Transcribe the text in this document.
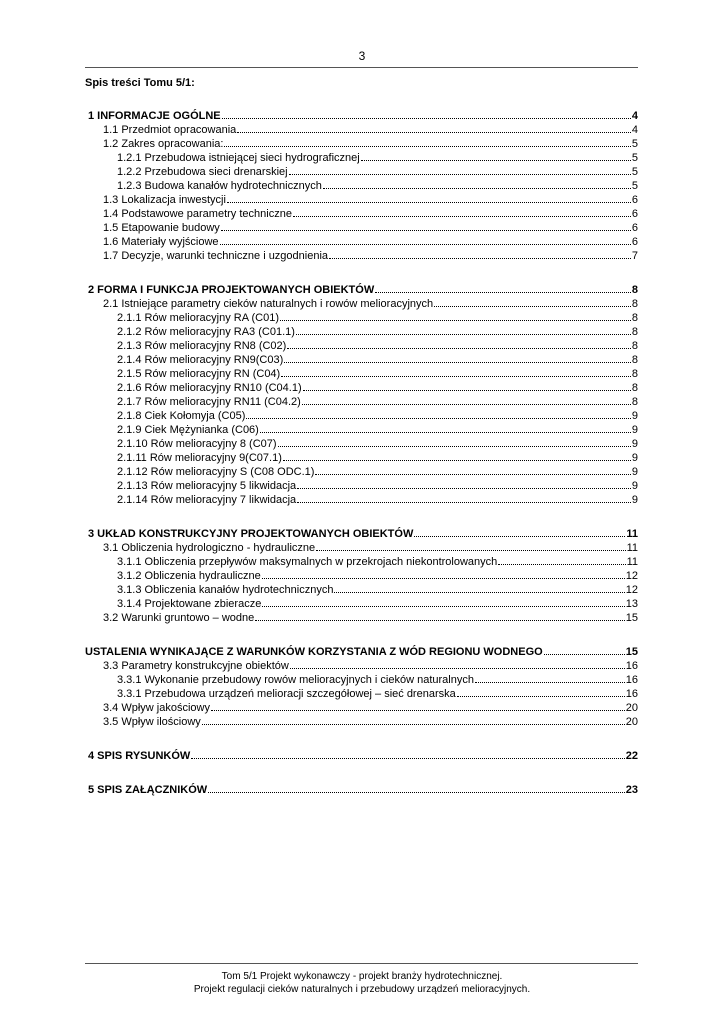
3
Spis treści Tomu 5/1:
1 INFORMACJE OGÓLNE	4
1.1 Przedmiot opracowania	4
1.2 Zakres opracowania:	5
1.2.1 Przebudowa istniejącej sieci hydrograficznej	5
1.2.2 Przebudowa sieci drenarskiej	5
1.2.3 Budowa kanałów hydrotechnicznych	5
1.3 Lokalizacja inwestycji	6
1.4 Podstawowe parametry techniczne	6
1.5 Etapowanie budowy	6
1.6 Materiały wyjściowe	6
1.7 Decyzje, warunki techniczne i uzgodnienia	7
2 FORMA I FUNKCJA PROJEKTOWANYCH OBIEKTÓW	8
2.1 Istniejące parametry cieków naturalnych i rowów melioracyjnych	8
2.1.1 Rów melioracyjny RA (C01)	8
2.1.2 Rów melioracyjny RA3 (C01.1)	8
2.1.3 Rów melioracyjny RN8 (C02)	8
2.1.4 Rów melioracyjny RN9(C03)	8
2.1.5 Rów melioracyjny RN (C04)	8
2.1.6 Rów melioracyjny RN10 (C04.1)	8
2.1.7 Rów melioracyjny RN11 (C04.2)	8
2.1.8 Ciek Kołomyja (C05)	9
2.1.9 Ciek Mężynianka (C06)	9
2.1.10 Rów melioracyjny 8 (C07)	9
2.1.11 Rów melioracyjny 9(C07.1)	9
2.1.12 Rów melioracyjny S (C08 ODC.1)	9
2.1.13 Rów melioracyjny 5 likwidacja	9
2.1.14 Rów melioracyjny 7 likwidacja	9
3 UKŁAD KONSTRUKCYJNY PROJEKTOWANYCH OBIEKTÓW	11
3.1 Obliczenia hydrologiczno - hydrauliczne	11
3.1.1 Obliczenia przepływów maksymalnych w przekrojach niekontrolowanych	11
3.1.2 Obliczenia hydrauliczne	12
3.1.3 Obliczenia kanałów hydrotechnicznych	12
3.1.4 Projektowane zbieracze	13
3.2 Warunki gruntowo – wodne	15
USTALENIA WYNIKAJĄCE Z WARUNKÓW KORZYSTANIA Z WÓD REGIONU WODNEGO	15
3.3 Parametry konstrukcyjne obiektów	16
3.3.1 Wykonanie przebudowy rowów melioracyjnych i cieków naturalnych	16
3.3.1 Przebudowa urządzeń melioracji szczegółowej – sieć drenarska	16
3.4 Wpływ jakościowy	20
3.5 Wpływ ilościowy	20
4 SPIS RYSUNKÓW	22
5 SPIS ZAŁĄCZNIKÓW	23
Tom 5/1 Projekt wykonawczy - projekt branży hydrotechnicznej.
Projekt regulacji cieków naturalnych i przebudowy urządzeń melioracyjnych.
